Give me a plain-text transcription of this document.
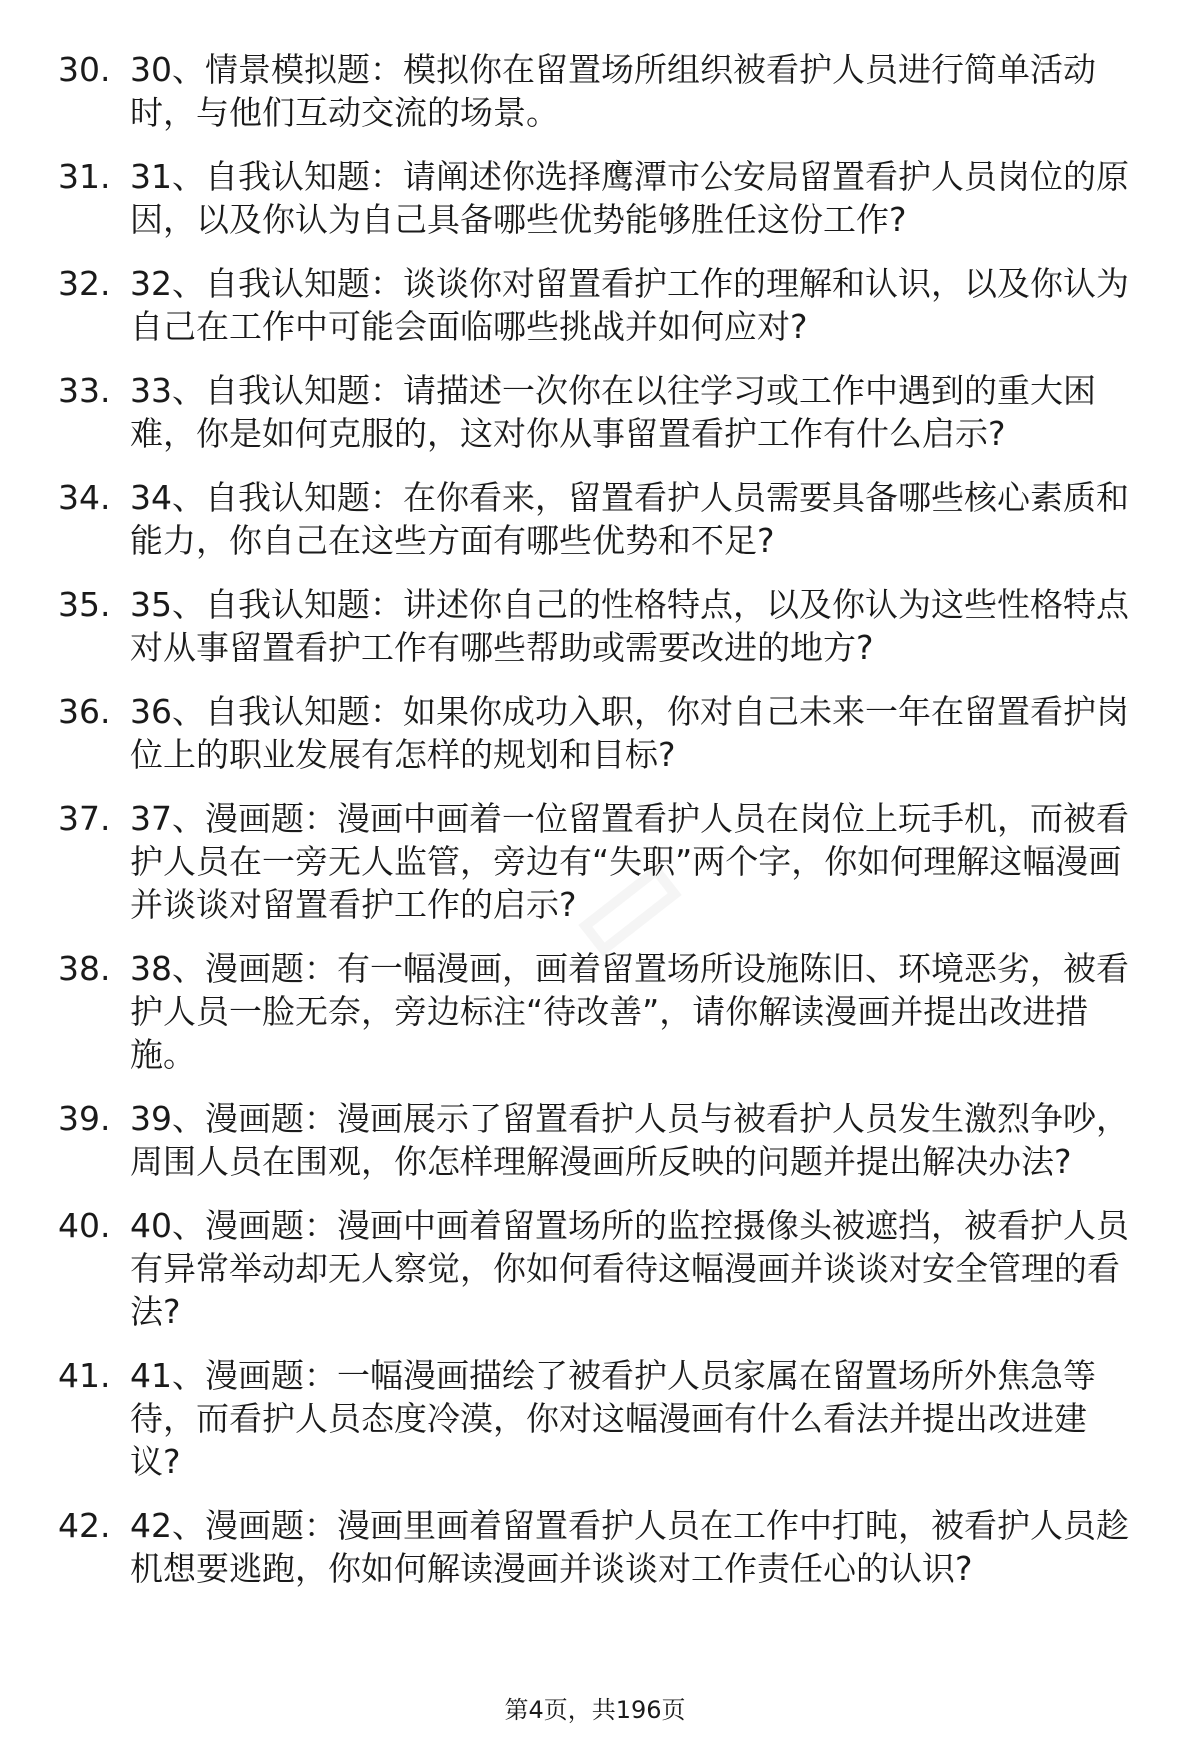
30. 30、情景模拟题：模拟你在留置场所组织被看护人员进行简单活动时，与他们互动交流的场景。
31. 31、自我认知题：请阐述你选择鹰潭市公安局留置看护人员岗位的原因，以及你认为自己具备哪些优势能够胜任这份工作?
32. 32、自我认知题：谈谈你对留置看护工作的理解和认识，以及你认为自己在工作中可能会面临哪些挑战并如何应对?
33. 33、自我认知题：请描述一次你在以往学习或工作中遇到的重大困难，你是如何克服的，这对你从事留置看护工作有什么启示?
34. 34、自我认知题：在你看来，留置看护人员需要具备哪些核心素质和能力，你自己在这些方面有哪些优势和不足?
35. 35、自我认知题：讲述你自己的性格特点，以及你认为这些性格特点对从事留置看护工作有哪些帮助或需要改进的地方?
36. 36、自我认知题：如果你成功入职，你对自己未来一年在留置看护岗位上的职业发展有怎样的规划和目标?
37. 37、漫画题：漫画中画着一位留置看护人员在岗位上玩手机，而被看护人员在一旁无人监管，旁边有“失职”两个字，你如何理解这幅漫画并谈谈对留置看护工作的启示?
38. 38、漫画题：有一幅漫画，画着留置场所设施陈旧、环境恶劣，被看护人员一脸无奈，旁边标注“待改善”，请你解读漫画并提出改进措施。
39. 39、漫画题：漫画展示了留置看护人员与被看护人员发生激烈争吵，周围人员在围观，你怎样理解漫画所反映的问题并提出解决办法?
40. 40、漫画题：漫画中画着留置场所的监控摄像头被遮挡，被看护人员有异常举动却无人察觉，你如何看待这幅漫画并谈谈对安全管理的看法?
41. 41、漫画题：一幅漫画描绘了被看护人员家属在留置场所外焦急等待，而看护人员态度冷漠，你对这幅漫画有什么看法并提出改进建议?
42. 42、漫画题：漫画里画着留置看护人员在工作中打盹，被看护人员趁机想要逃跑，你如何解读漫画并谈谈对工作责任心的认识?
第4页，共196页
